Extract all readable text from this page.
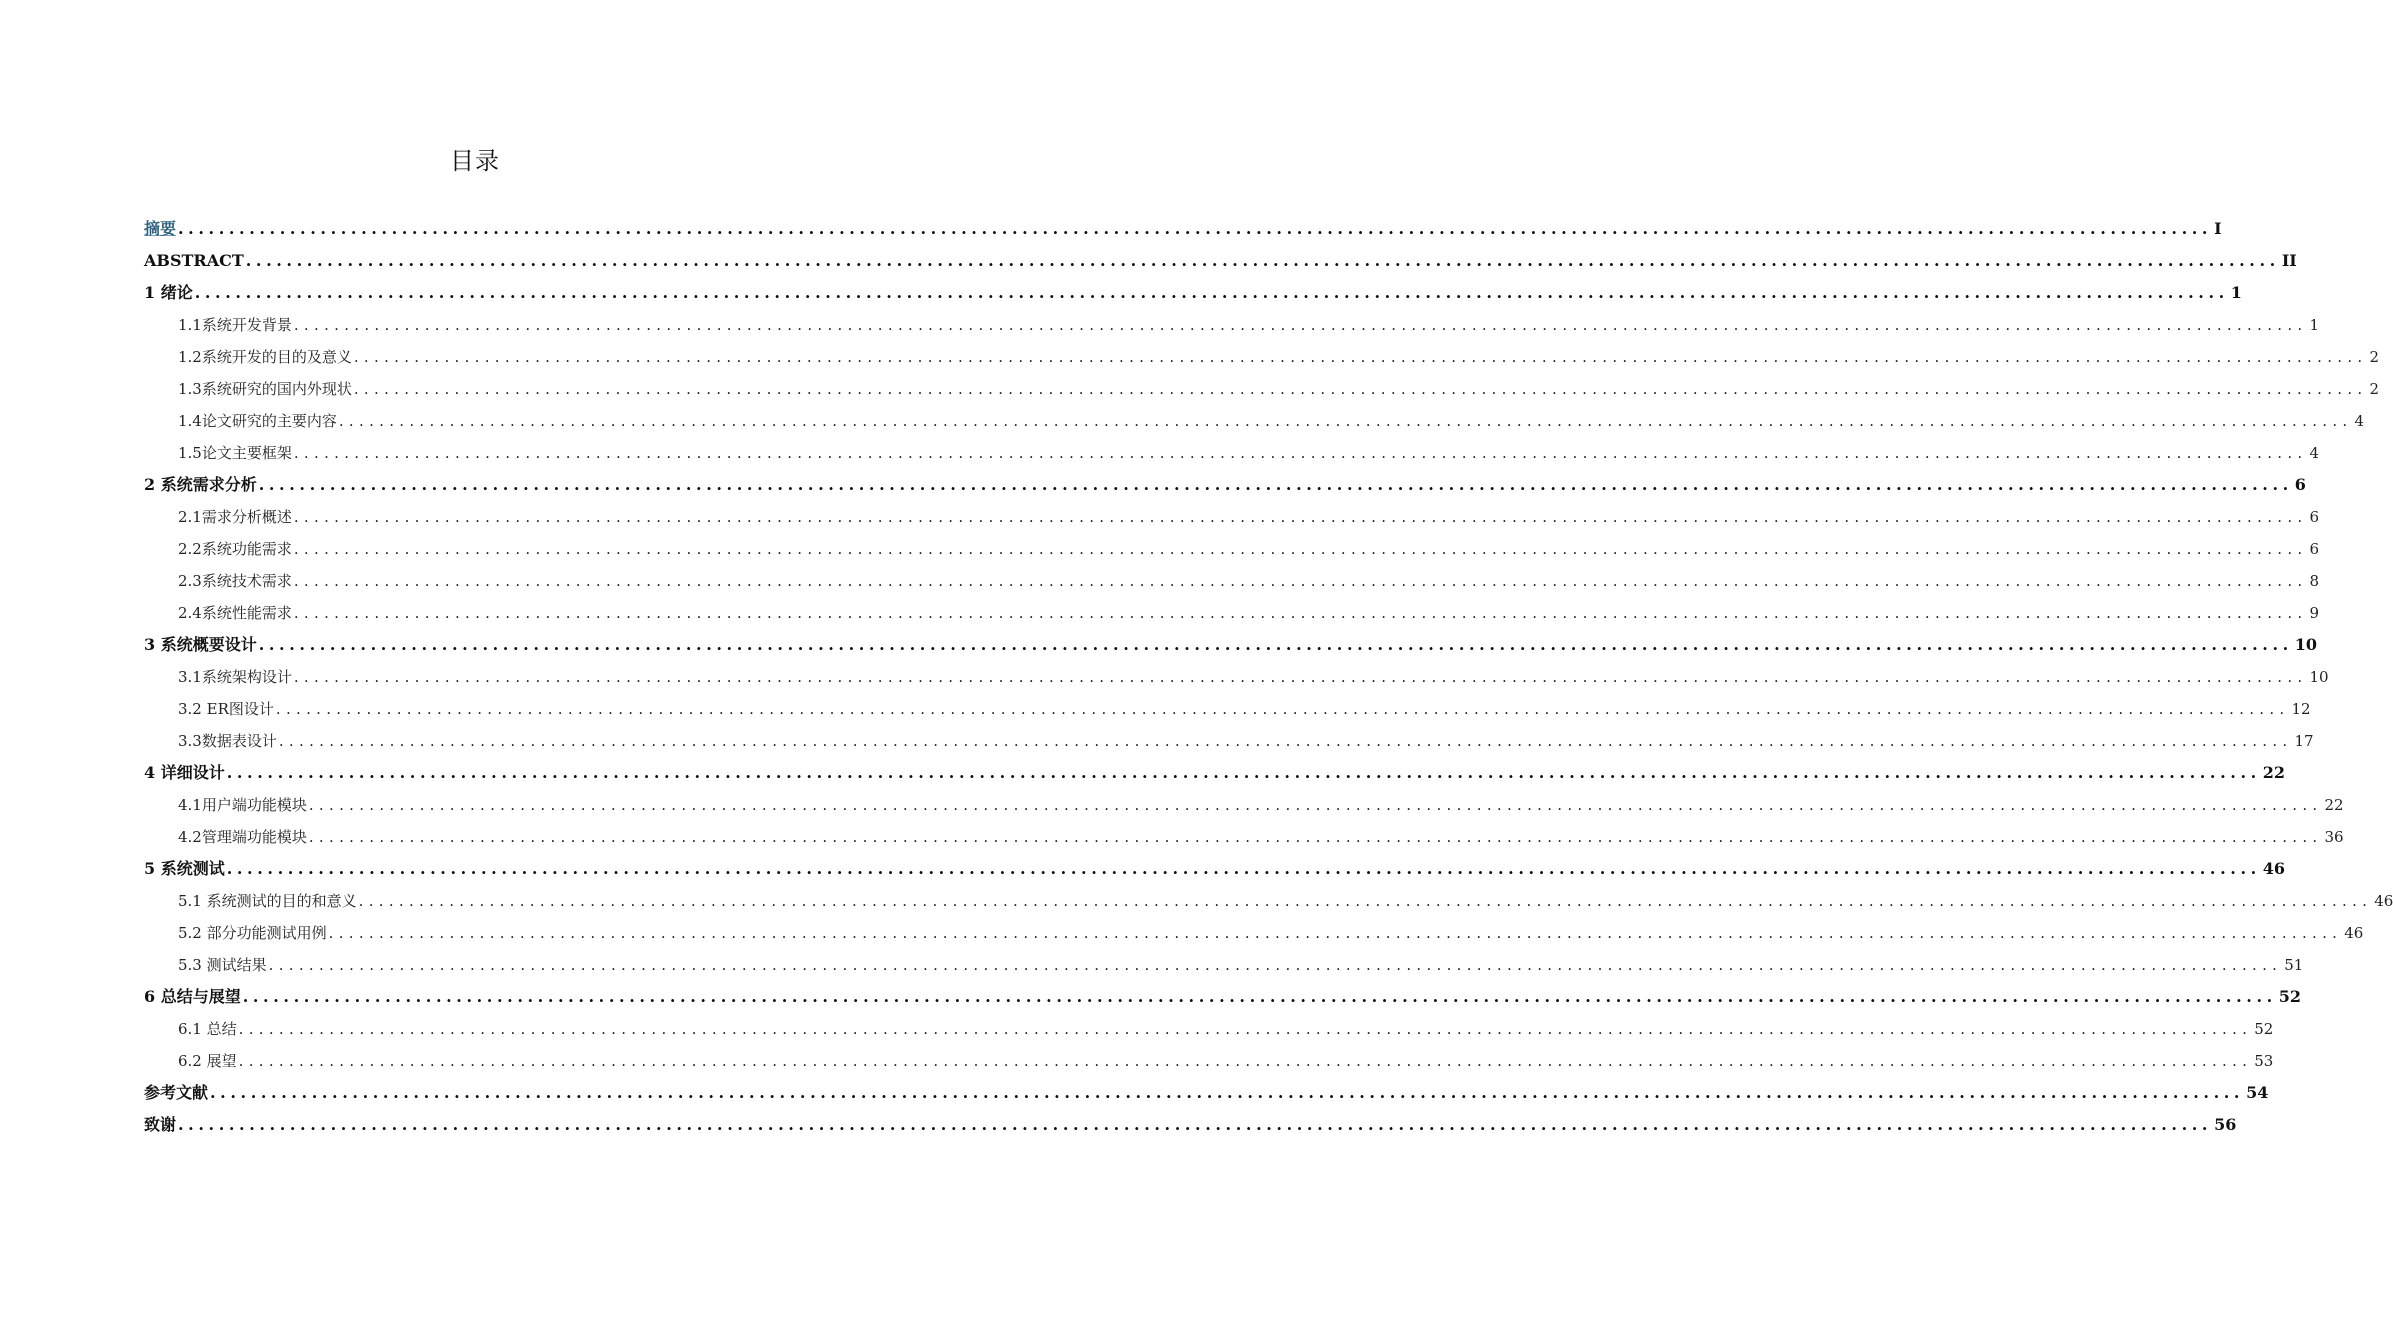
目录
摘要 ........................................................................................................................................................................................................ I
ABSTRACT ........................................................................................................................................................................................................ II
1 绪论 ........................................................................................................................................................................................................ 1
1.1系统开发背景 ........................................................................................................................................................................................................ 1
1.2系统开发的目的及意义 ........................................................................................................................................................................................................ 2
1.3系统研究的国内外现状 ........................................................................................................................................................................................................ 2
1.4论文研究的主要内容 ........................................................................................................................................................................................................ 4
1.5论文主要框架 ........................................................................................................................................................................................................ 4
2 系统需求分析 ........................................................................................................................................................................................................ 6
2.1需求分析概述 ........................................................................................................................................................................................................ 6
2.2系统功能需求 ........................................................................................................................................................................................................ 6
2.3系统技术需求 ........................................................................................................................................................................................................ 8
2.4系统性能需求 ........................................................................................................................................................................................................ 9
3 系统概要设计 ........................................................................................................................................................................................................ 10
3.1系统架构设计 ........................................................................................................................................................................................................ 10
3.2 ER图设计 ........................................................................................................................................................................................................ 12
3.3数据表设计 ........................................................................................................................................................................................................ 17
4 详细设计 ........................................................................................................................................................................................................ 22
4.1用户端功能模块 ........................................................................................................................................................................................................ 22
4.2管理端功能模块 ........................................................................................................................................................................................................ 36
5 系统测试 ........................................................................................................................................................................................................ 46
5.1 系统测试的目的和意义 ........................................................................................................................................................................................................ 46
5.2 部分功能测试用例 ........................................................................................................................................................................................................ 46
5.3 测试结果 ........................................................................................................................................................................................................ 51
6 总结与展望 ........................................................................................................................................................................................................ 52
6.1 总结 ........................................................................................................................................................................................................ 52
6.2 展望 ........................................................................................................................................................................................................ 53
参考文献 ........................................................................................................................................................................................................ 54
致谢 ........................................................................................................................................................................................................ 56
